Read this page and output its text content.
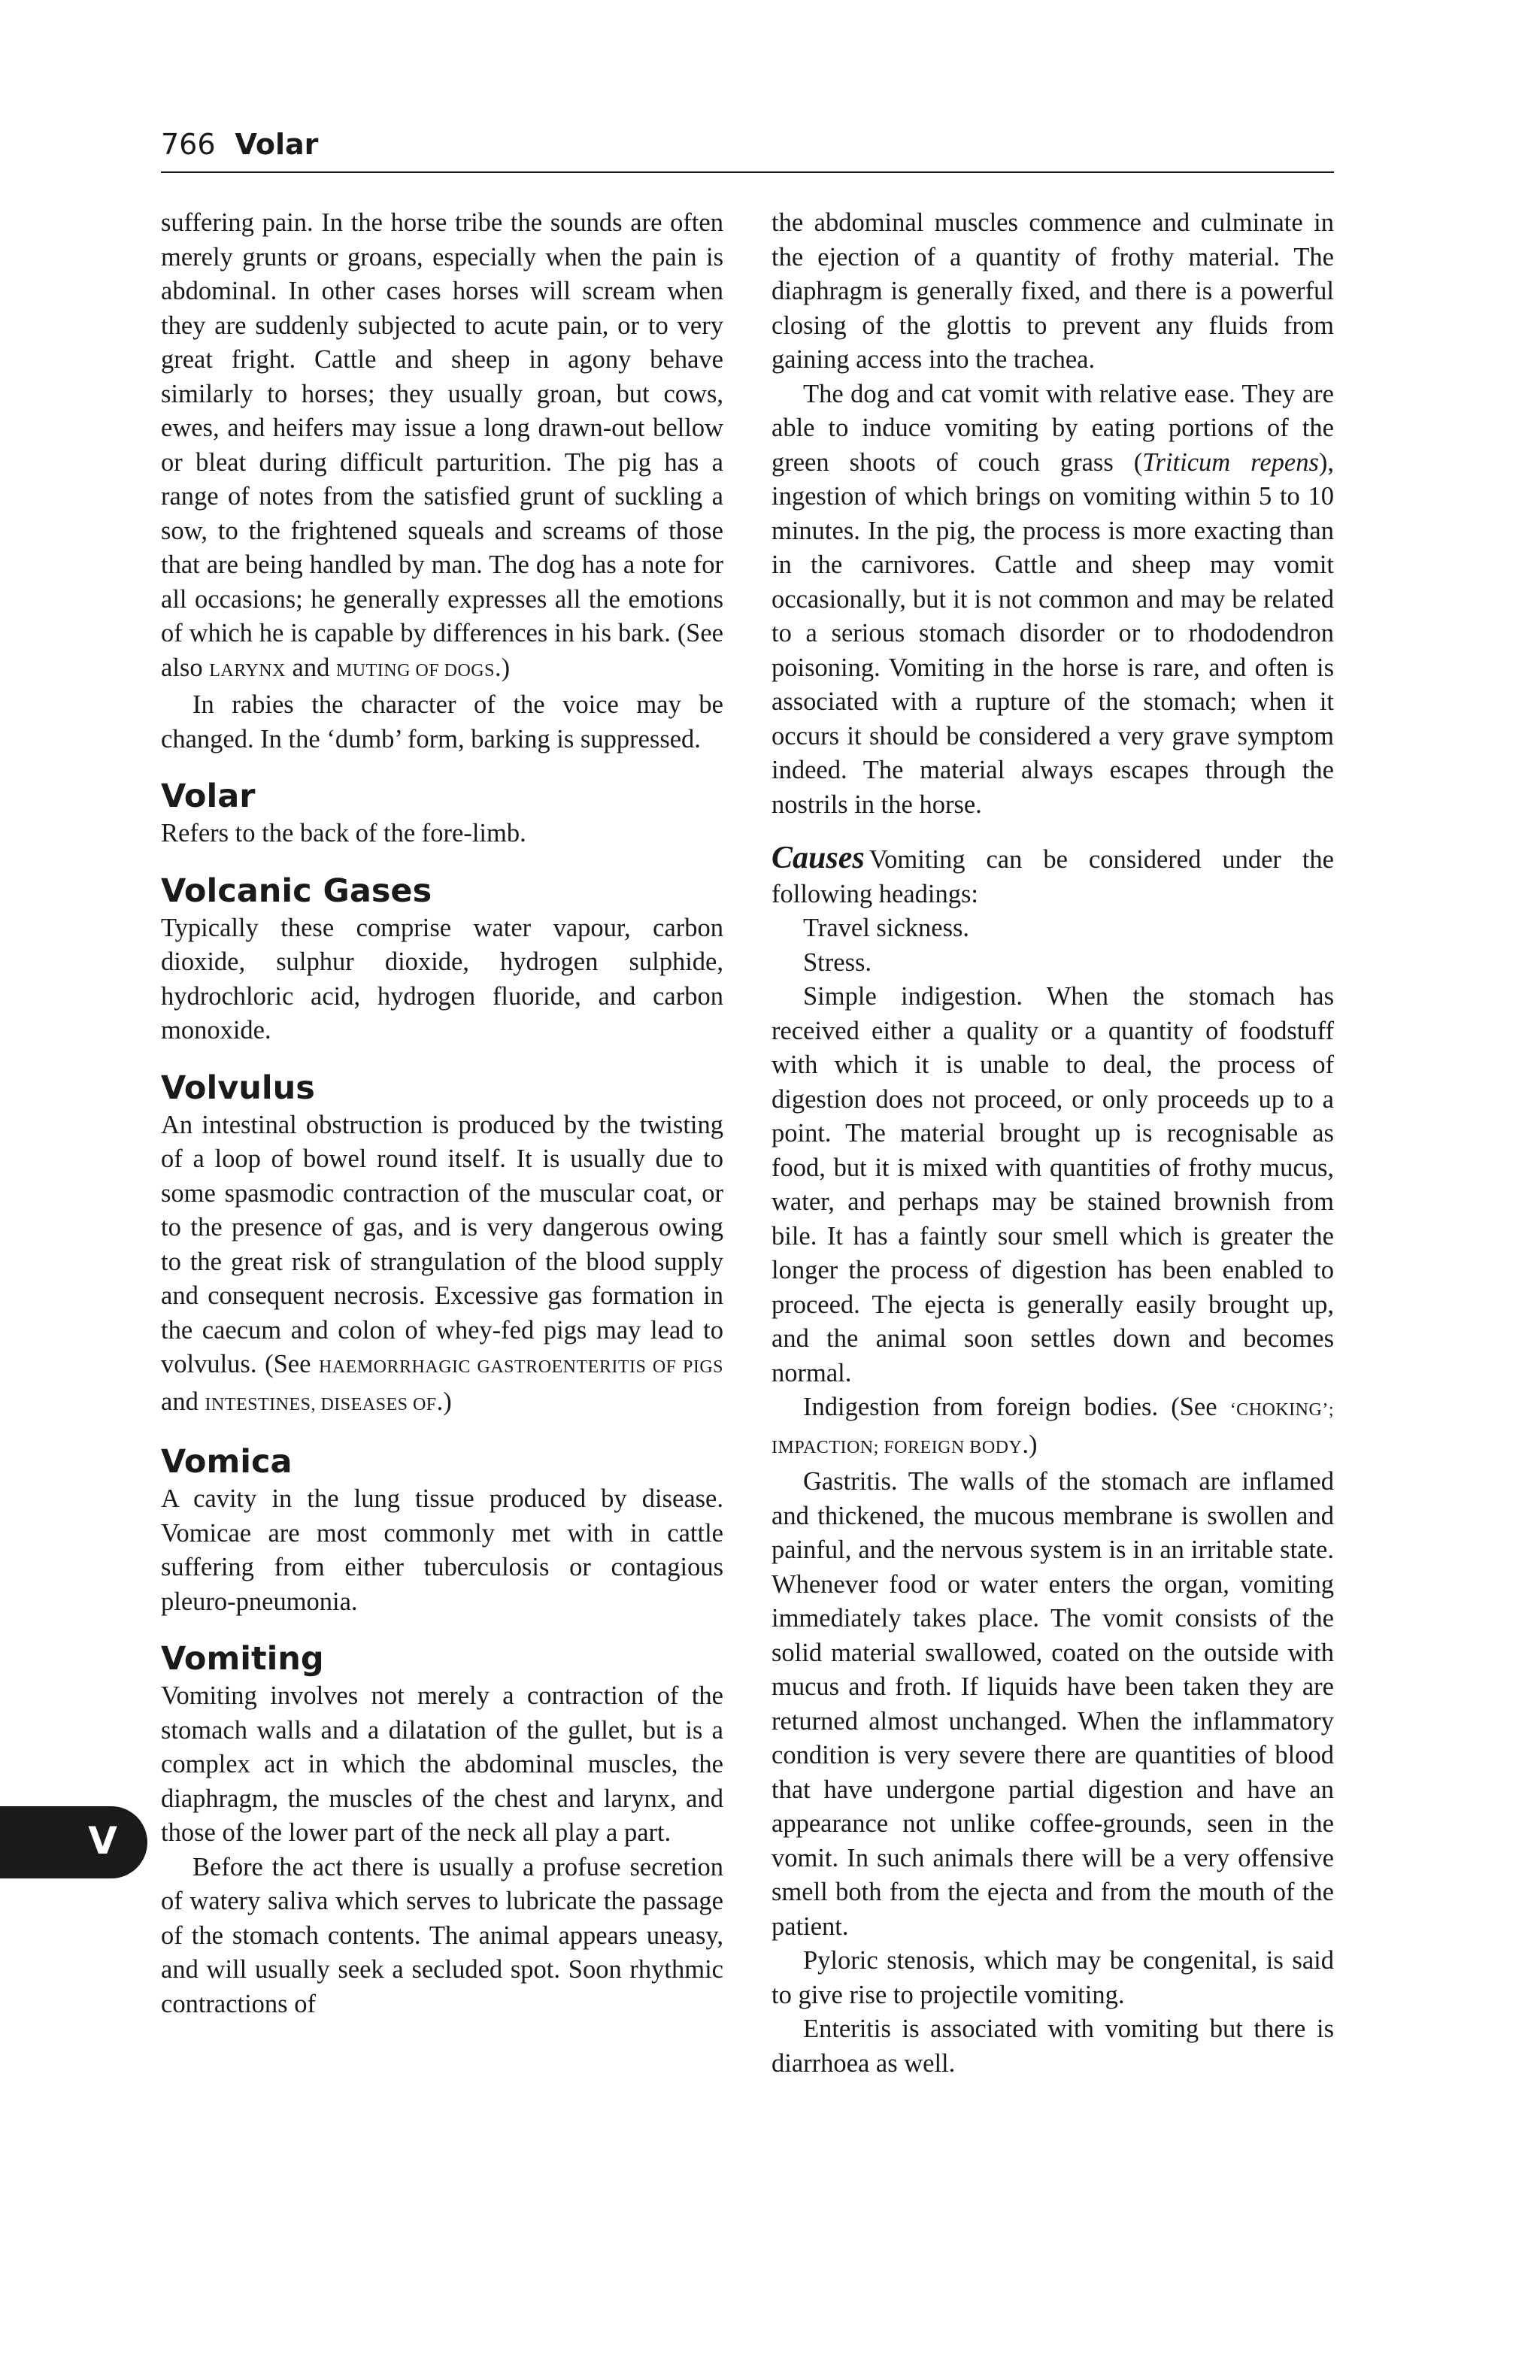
766 Volar

suffering pain. In the horse tribe the sounds are often merely grunts or groans, especially when the pain is abdominal. In other cases horses will scream when they are suddenly subjected to acute pain, or to very great fright. Cattle and sheep in agony behave similarly to horses; they usually groan, but cows, ewes, and heifers may issue a long drawn-out bellow or bleat during difficult parturition. The pig has a range of notes from the satisfied grunt of suckling a sow, to the frightened squeals and screams of those that are being handled by man. The dog has a note for all occasions; he generally expresses all the emotions of which he is capable by differences in his bark. (See also LARYNX and MUTING OF DOGS.)

In rabies the character of the voice may be changed. In the ‘dumb’ form, barking is suppressed.

Volar

Refers to the back of the fore-limb.

Volcanic Gases

Typically these comprise water vapour, carbon dioxide, sulphur dioxide, hydrogen sulphide, hydrochloric acid, hydrogen fluoride, and carbon monoxide.

Volvulus

An intestinal obstruction is produced by the twisting of a loop of bowel round itself. It is usually due to some spasmodic contraction of the muscular coat, or to the presence of gas, and is very dangerous owing to the great risk of strangulation of the blood supply and consequent necrosis. Excessive gas formation in the caecum and colon of whey-fed pigs may lead to volvulus. (See HAEMORRHAGIC GASTROENTERITIS OF PIGS and INTESTINES, DISEASES OF.)

Vomica

A cavity in the lung tissue produced by disease. Vomicae are most commonly met with in cattle suffering from either tuberculosis or contagious pleuro-pneumonia.

Vomiting

Vomiting involves not merely a contraction of the stomach walls and a dilatation of the gullet, but is a complex act in which the abdominal muscles, the diaphragm, the muscles of the chest and larynx, and those of the lower part of the neck all play a part.

Before the act there is usually a profuse secretion of watery saliva which serves to lubricate the passage of the stomach contents. The animal appears uneasy, and will usually seek a secluded spot. Soon rhythmic contractions of

the abdominal muscles commence and culminate in the ejection of a quantity of frothy material. The diaphragm is generally fixed, and there is a powerful closing of the glottis to prevent any fluids from gaining access into the trachea.

The dog and cat vomit with relative ease. They are able to induce vomiting by eating portions of the green shoots of couch grass (Triticum repens), ingestion of which brings on vomiting within 5 to 10 minutes. In the pig, the process is more exacting than in the carnivores. Cattle and sheep may vomit occasionally, but it is not common and may be related to a serious stomach disorder or to rhododendron poisoning. Vomiting in the horse is rare, and often is associated with a rupture of the stomach; when it occurs it should be considered a very grave symptom indeed. The material always escapes through the nostrils in the horse.

Causes Vomiting can be considered under the following headings:

Travel sickness.

Stress.

Simple indigestion. When the stomach has received either a quality or a quantity of foodstuff with which it is unable to deal, the process of digestion does not proceed, or only proceeds up to a point. The material brought up is recognisable as food, but it is mixed with quantities of frothy mucus, water, and perhaps may be stained brownish from bile. It has a faintly sour smell which is greater the longer the process of digestion has been enabled to proceed. The ejecta is generally easily brought up, and the animal soon settles down and becomes normal.

Indigestion from foreign bodies. (See ‘CHOKING’; IMPACTION; FOREIGN BODY.)

Gastritis. The walls of the stomach are inflamed and thickened, the mucous membrane is swollen and painful, and the nervous system is in an irritable state. Whenever food or water enters the organ, vomiting immediately takes place. The vomit consists of the solid material swallowed, coated on the outside with mucus and froth. If liquids have been taken they are returned almost unchanged. When the inflammatory condition is very severe there are quantities of blood that have undergone partial digestion and have an appearance not unlike coffee-grounds, seen in the vomit. In such animals there will be a very offensive smell both from the ejecta and from the mouth of the patient.

Pyloric stenosis, which may be congenital, is said to give rise to projectile vomiting.

Enteritis is associated with vomiting but there is diarrhoea as well.

V
